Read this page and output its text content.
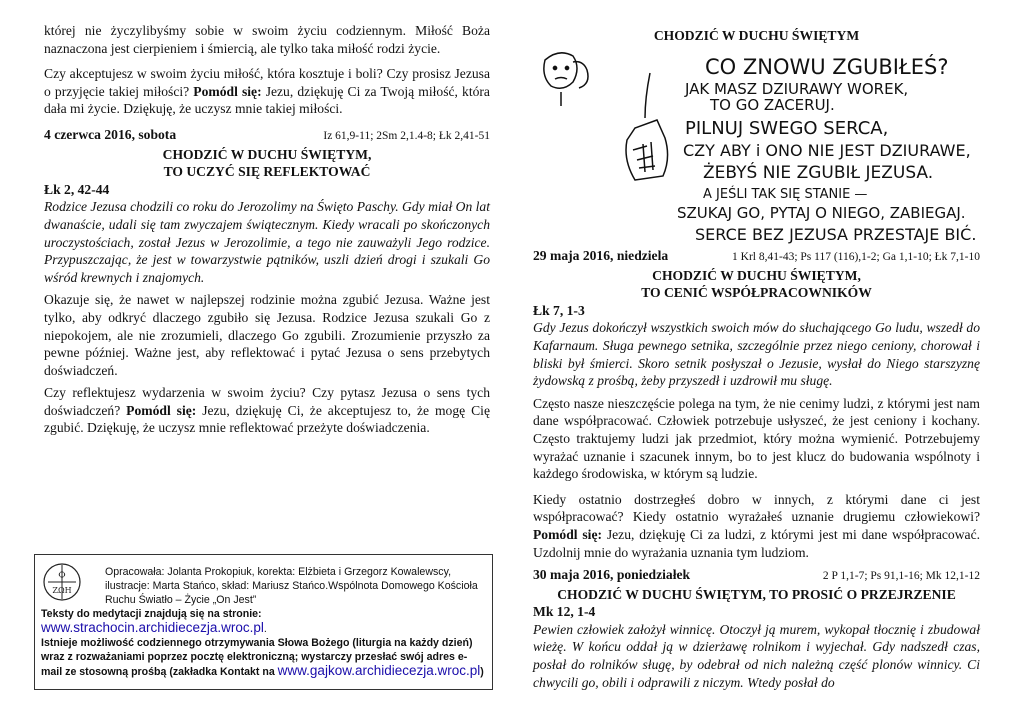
której nie życzylibyśmy sobie w swoim życiu codziennym. Miłość Boża naznaczona jest cierpieniem i śmiercią, ale tylko taka miłość rodzi życie.

Czy akceptujesz w swoim życiu miłość, która kosztuje i boli? Czy prosisz Jezusa o przyjęcie takiej miłości? Pomódl się: Jezu, dziękuję Ci za Twoją miłość, która dała mi życie. Dziękuję, że uczysz mnie takiej miłości.

4 czerwca 2016, sobota	Iz 61,9-11; 2Sm 2,1.4-8; Łk 2,41-51
CHODZIĆ W DUCHU ŚWIĘTYM,
TO UCZYĆ SIĘ REFLEKTOWAĆ
Łk 2, 42-44

Rodzice Jezusa chodzili co roku do Jerozolimy na Święto Paschy. Gdy miał On lat dwanaście, udali się tam zwyczajem świątecznym. Kiedy wracali po skończonych uroczystościach, został Jezus w Jerozolimie, a tego nie zauważyli Jego rodzice. Przypuszczając, że jest w towarzystwie pątników, uszli dzień drogi i szukali Go wśród krewnych i znajomych.

Okazuje się, że nawet w najlepszej rodzinie można zgubić Jezusa. Ważne jest tylko, aby odkryć dlaczego zgubiło się Jezusa. Rodzice Jezusa szukali Go z niepokojem, ale nie zrozumieli, dlaczego Go zgubili. Zrozumienie przyszło za pewne później. Ważne jest, aby reflektować i pytać Jezusa o sens przebytych doświadczeń.

Czy reflektujesz wydarzenia w swoim życiu? Czy pytasz Jezusa o sens tych doświadczeń? Pomódl się: Jezu, dziękuję Ci, że akceptujesz to, że mogę Cię zgubić. Dziękuję, że uczysz mnie reflektować przeżyte doświadczenia.

Φ
ΖΩΗ
Opracowała: Jolanta Prokopiuk, korekta: Elżbieta i Grzegorz Kowalewscy,
ilustracje: Marta Stańco, skład: Mariusz Stańco.Wspólnota Domowego Kościoła Ruchu Światło – Życie „On Jest”
Teksty do medytacji znajdują się na stronie:
www.strachocin.archidiecezja.wroc.pl.
Istnieje możliwość codziennego otrzymywania Słowa Bożego (liturgia na każdy dzień) wraz z rozważaniami poprzez pocztę elektroniczną; wystarczy przesłać swój adres e-mail ze stosowną prośbą (zakładka Kontakt na www.gajkow.archidiecezja.wroc.pl)
CHODZIĆ W DUCHU ŚWIĘTYM
CO ZNOWU ZGUBIŁEŚ?
JAK MASZ DZIURAWY WOREK,
TO GO ZACERUJ.
PILNUJ SWEGO SERCA,
CZY ABY i ONO NIE JEST DZIURAWE,
ŻEBYŚ NIE ZGUBIŁ JEZUSA.
A JEŚLI TAK SIĘ STANIE —
SZUKAJ GO, PYTAJ O NIEGO, ZABIEGAJ.
SERCE BEZ JEZUSA PRZESTAJE BIĆ.
29 maja 2016, niedziela	1 Krl 8,41-43; Ps 117 (116),1-2; Ga 1,1-10; Łk 7,1-10
CHODZIĆ W DUCHU ŚWIĘTYM,
TO CENIĆ WSPÓŁPRACOWNIKÓW
Łk 7, 1-3

Gdy Jezus dokończył wszystkich swoich mów do słuchającego Go ludu, wszedł do Kafarnaum. Sługa pewnego setnika, szczególnie przez niego ceniony, chorował i bliski był śmierci. Skoro setnik posłyszał o Jezusie, wysłał do Niego starszyznę żydowską z prośbą, żeby przyszedł i uzdrowił mu sługę.

Często nasze nieszczęście polega na tym, że nie cenimy ludzi, z którymi jest nam dane współpracować. Człowiek potrzebuje usłyszeć, że jest ceniony i kochany. Często traktujemy ludzi jak przedmiot, który można wymienić. Potrzebujemy wyrażać uznanie i szacunek innym, bo to jest klucz do budowania wspólnoty i każdego środowiska, w którym są ludzie.

Kiedy ostatnio dostrzegłeś dobro w innych, z którymi dane ci jest współpracować? Kiedy ostatnio wyrażałeś uznanie drugiemu człowiekowi? Pomódl się: Jezu, dziękuję Ci za ludzi, z którymi jest mi dane współpracować. Uzdolnij mnie do wyrażania uznania tym ludziom.

30 maja 2016, poniedziałek	2 P 1,1-7; Ps 91,1-16; Mk 12,1-12
CHODZIĆ W DUCHU ŚWIĘTYM, TO PROSIĆ O PRZEJRZENIE
Mk 12, 1-4

Pewien człowiek założył winnicę. Otoczył ją murem, wykopał tłocznię i zbudował wieżę. W końcu oddał ją w dzierżawę rolnikom i wyjechał. Gdy nadszedł czas, posłał do rolników sługę, by odebrał od nich należną część plonów winnicy. Ci chwycili go, obili i odprawili z niczym. Wtedy posłał do
